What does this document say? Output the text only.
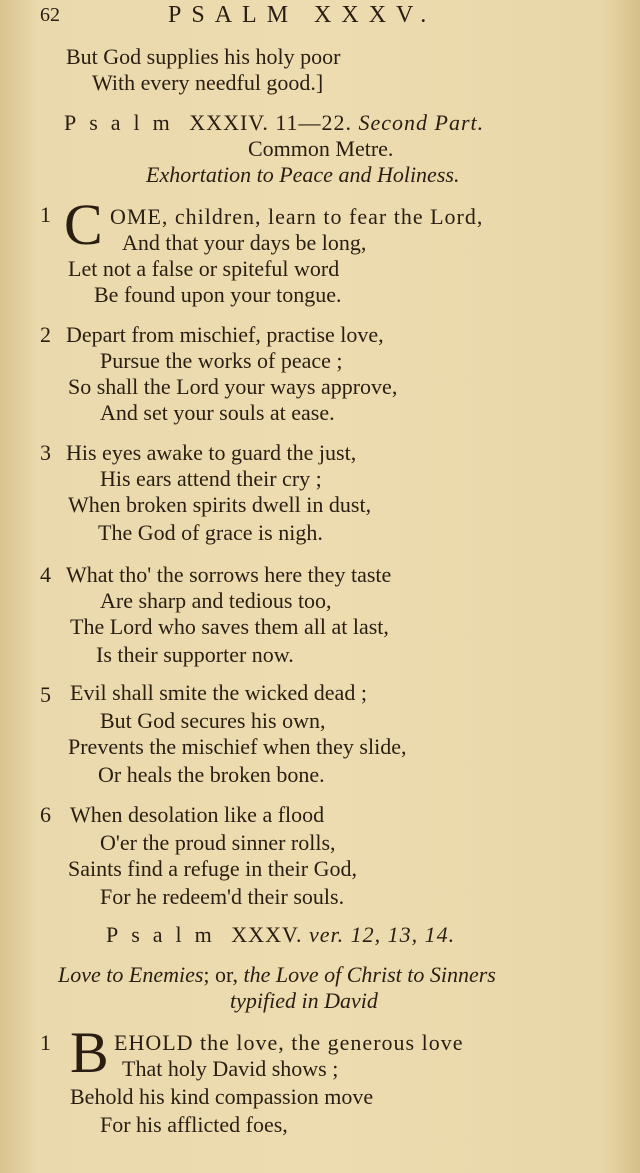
62	PSALM XXXV.
But God supplies his holy poor
With every needful good.]
Psalm XXXIV. 11—22. Second Part.
Common Metre.
Exhortation to Peace and Holiness.
1 C OME, children, learn to fear the Lord,
And that your days be long,
Let not a false or spiteful word
Be found upon your tongue.
2 Depart from mischief, practise love,
Pursue the works of peace ;
So shall the Lord your ways approve,
And set your souls at ease.
3 His eyes awake to guard the just,
His ears attend their cry ;
When broken spirits dwell in dust,
The God of grace is nigh.
4 What tho' the sorrows here they taste
Are sharp and tedious too,
The Lord who saves them all at last,
Is their supporter now.
5 Evil shall smite the wicked dead ;
But God secures his own,
Prevents the mischief when they slide,
Or heals the broken bone.
6 When desolation like a flood
O'er the proud sinner rolls,
Saints find a refuge in their God,
For he redeem'd their souls.
Psalm XXXV. ver. 12, 13, 14.
Love to Enemies; or, the Love of Christ to Sinners
typified in David
1 B EHOLD the love, the generous love
That holy David shows ;
Behold his kind compassion move
For his afflicted foes,
